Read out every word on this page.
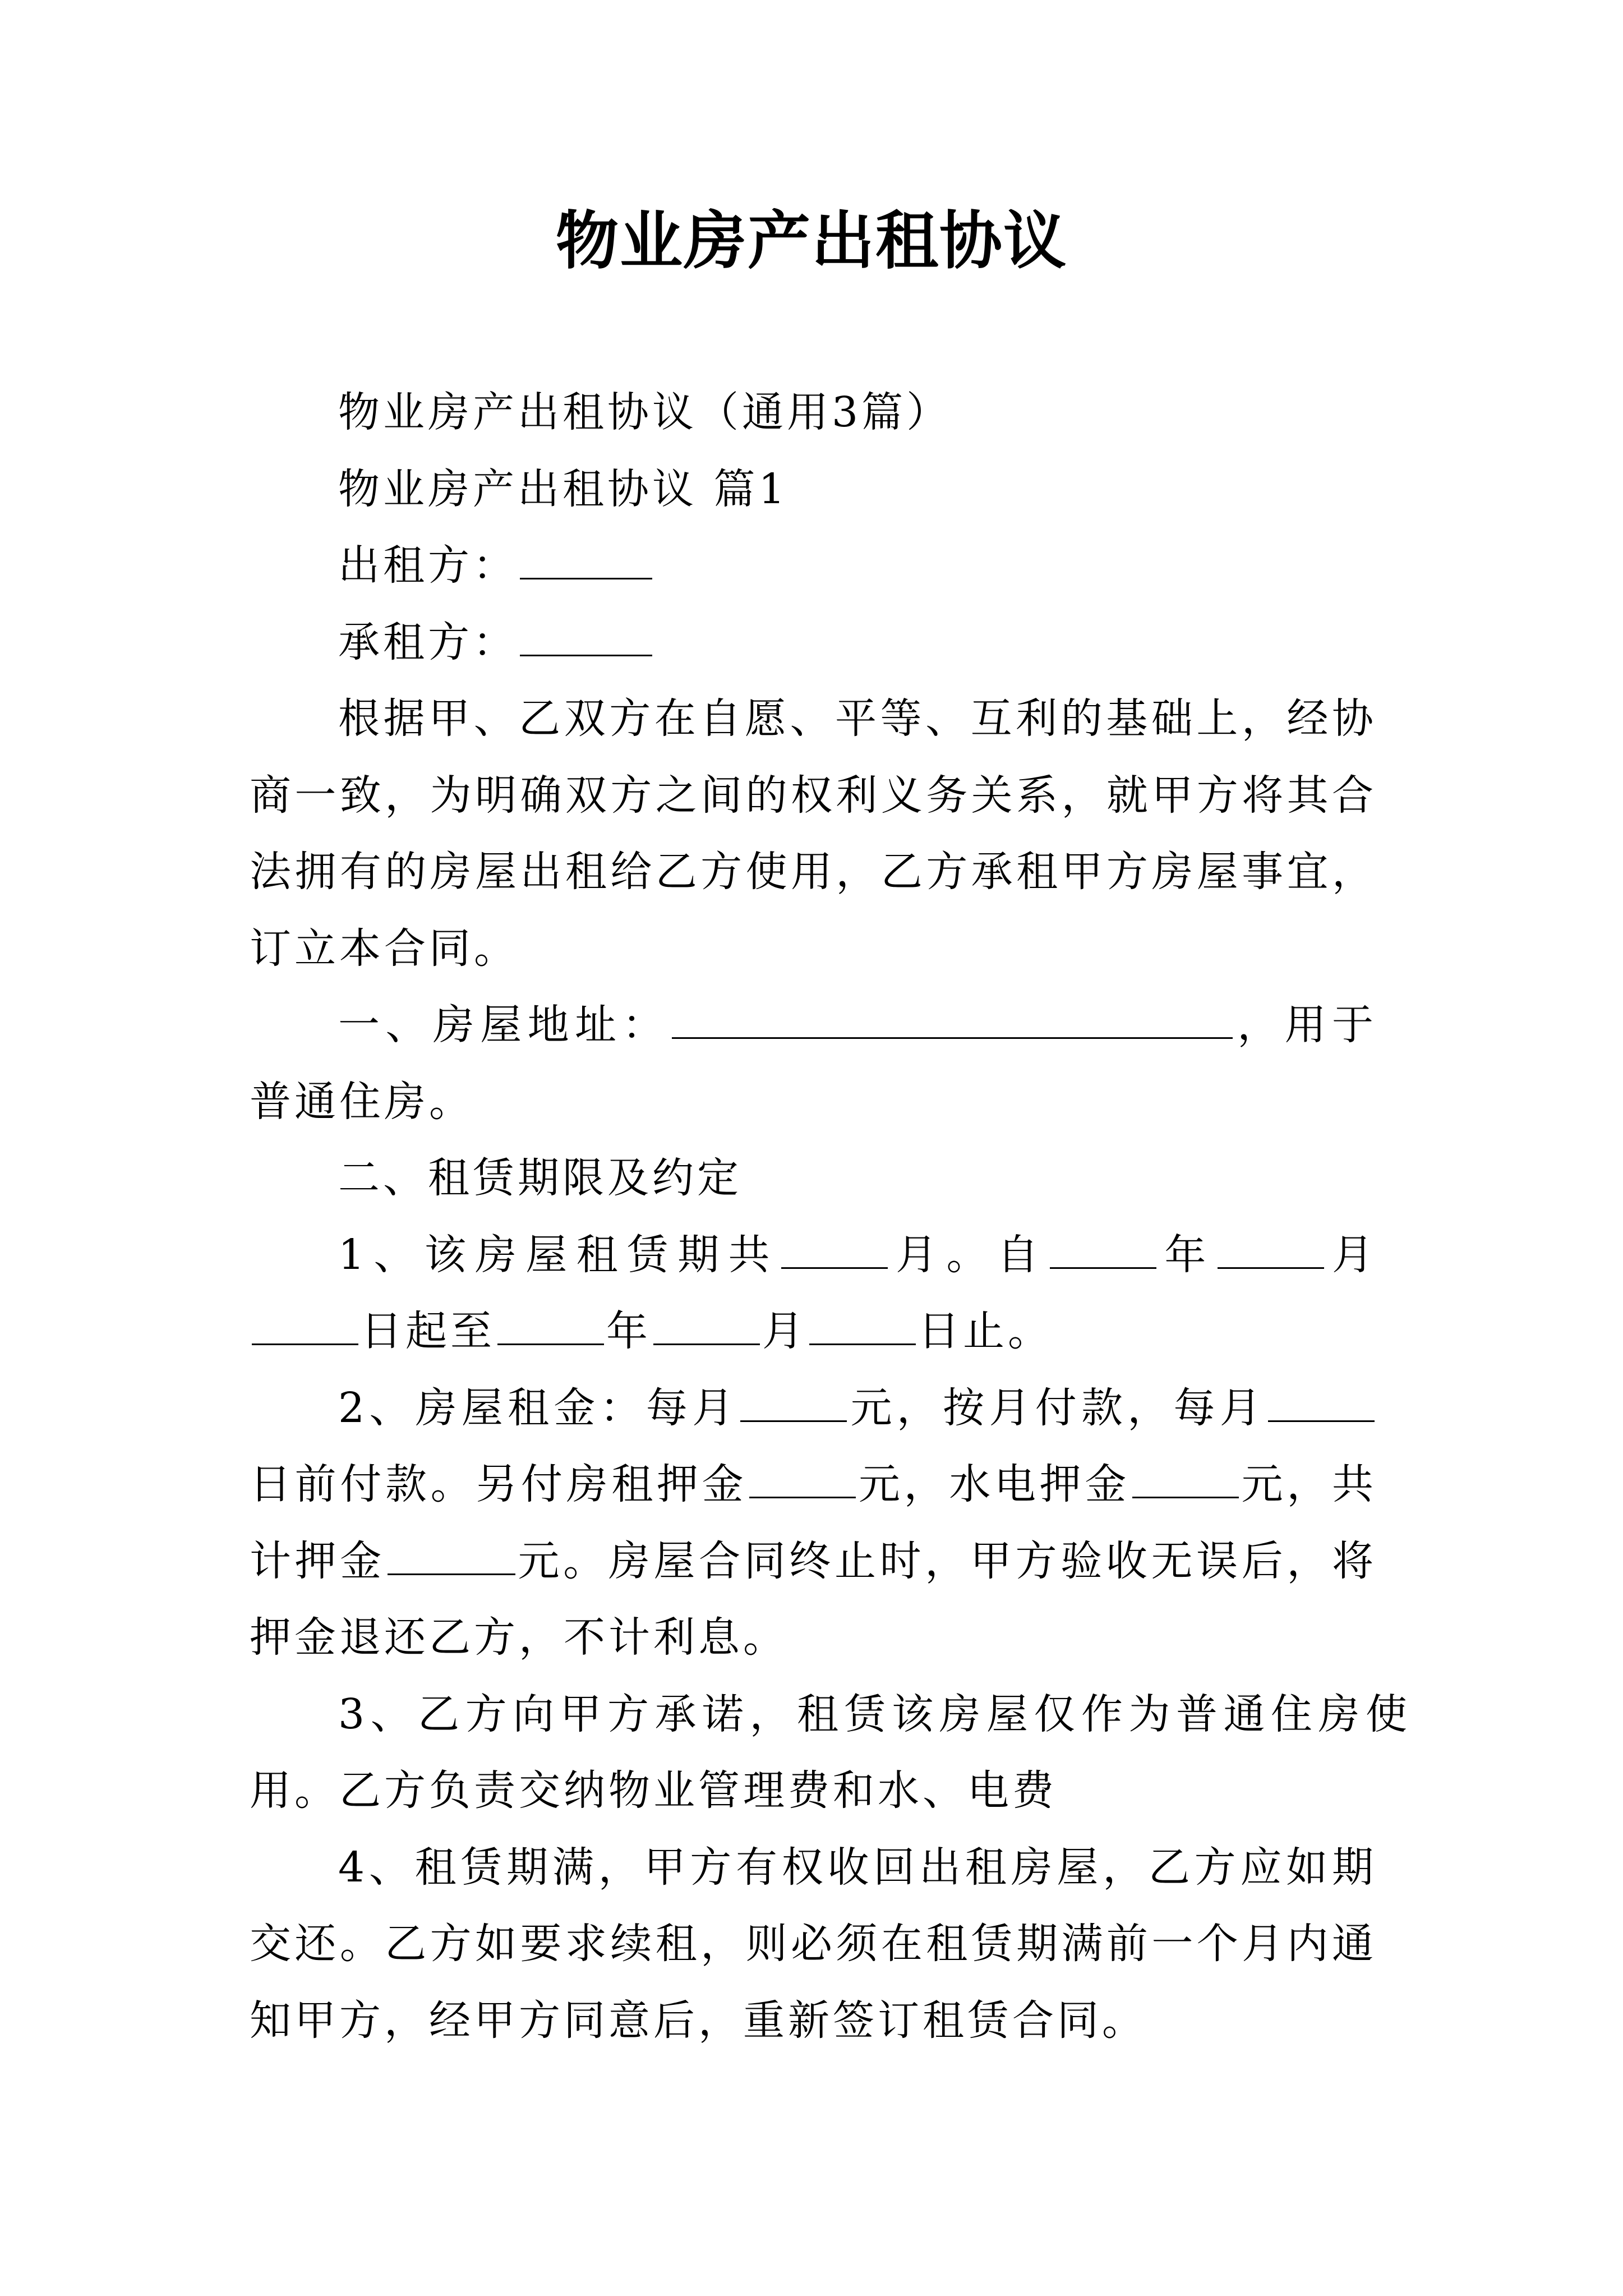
物业房产出租协议

物业房产出租协议（通用3篇）

物业房产出租协议 篇1

出租方：

承租方：

根据甲、乙双方在自愿、平等、互利的基础上，经协商一致，为明确双方之间的权利义务关系，就甲方将其合法拥有的房屋出租给乙方使用，乙方承租甲方房屋事宜，订立本合同。

一、房屋地址：	，用于普通住房。

二、租赁期限及约定

1、该房屋租赁期共	月。自	年	月日起至	年	月	日止。

2、房屋租金：每月	元，按月付款，每月日前付款。另付房租押金	元，水电押金	元，共计押金	元。房屋合同终止时，甲方验收无误后，将押金退还乙方，不计利息。

3、乙方向甲方承诺，租赁该房屋仅作为普通住房使用。乙方负责交纳物业管理费和水、电费

4、租赁期满，甲方有权收回出租房屋，乙方应如期交还。乙方如要求续租，则必须在租赁期满前一个月内通知甲方，经甲方同意后，重新签订租赁合同。
